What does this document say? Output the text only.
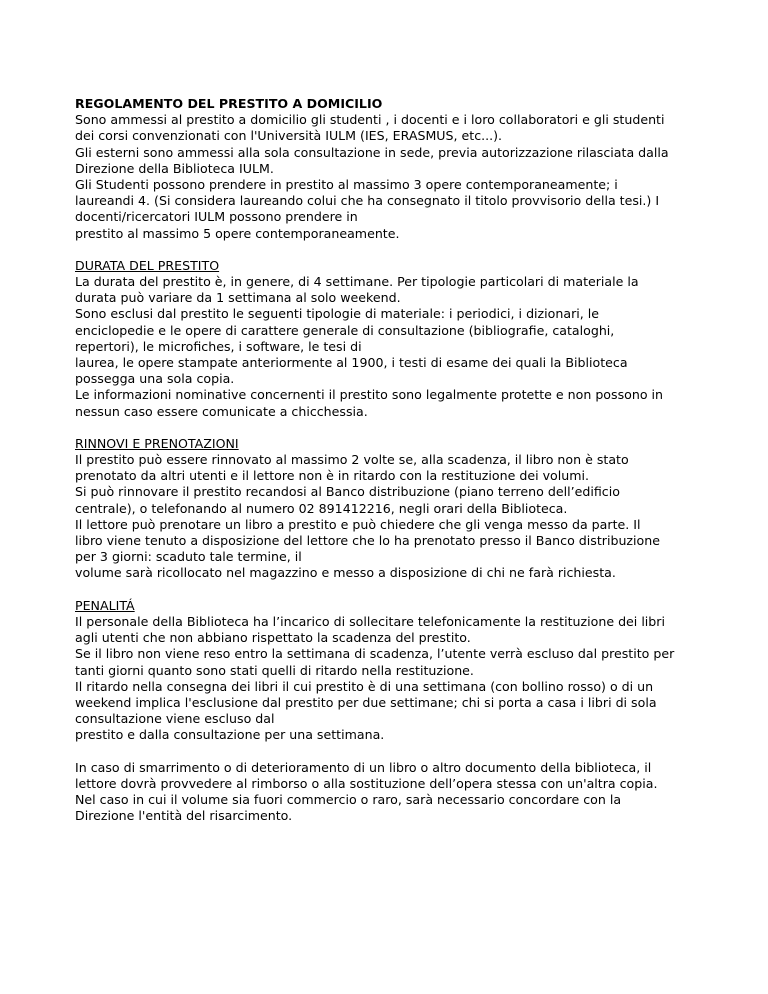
REGOLAMENTO DEL PRESTITO A DOMICILIO
Sono ammessi al prestito a domicilio gli studenti , i docenti e i loro collaboratori e gli studenti
dei corsi convenzionati con l'Università IULM (IES, ERASMUS, etc...).
Gli esterni sono ammessi alla sola consultazione in sede, previa autorizzazione rilasciata dalla
Direzione della Biblioteca IULM.
Gli Studenti possono prendere in prestito al massimo 3 opere contemporaneamente; i
laureandi 4. (Si considera laureando colui che ha consegnato il titolo provvisorio della tesi.) I
docenti/ricercatori IULM possono prendere in
prestito al massimo 5 opere contemporaneamente.
DURATA DEL PRESTITO
La durata del prestito è, in genere, di 4 settimane. Per tipologie particolari di materiale la
durata può variare da 1 settimana al solo weekend.
Sono esclusi dal prestito le seguenti tipologie di materiale: i periodici, i dizionari, le
enciclopedie e le opere di carattere generale di consultazione (bibliografie, cataloghi,
repertori), le microfiches, i software, le tesi di
laurea, le opere stampate anteriormente al 1900, i testi di esame dei quali la Biblioteca
possegga una sola copia.
Le informazioni nominative concernenti il prestito sono legalmente protette e non possono in
nessun caso essere comunicate a chicchessia.
RINNOVI E PRENOTAZIONI
Il prestito può essere rinnovato al massimo 2 volte se, alla scadenza, il libro non è stato
prenotato da altri utenti e il lettore non è in ritardo con la restituzione dei volumi.
Si può rinnovare il prestito recandosi al Banco distribuzione (piano terreno dell’edificio
centrale), o telefonando al numero 02 891412216, negli orari della Biblioteca.
Il lettore può prenotare un libro a prestito e può chiedere che gli venga messo da parte. Il
libro viene tenuto a disposizione del lettore che lo ha prenotato presso il Banco distribuzione
per 3 giorni: scaduto tale termine, il
volume sarà ricollocato nel magazzino e messo a disposizione di chi ne farà richiesta.
PENALITÁ
Il personale della Biblioteca ha l’incarico di sollecitare telefonicamente la restituzione dei libri
agli utenti che non abbiano rispettato la scadenza del prestito.
Se il libro non viene reso entro la settimana di scadenza, l’utente verrà escluso dal prestito per
tanti giorni quanto sono stati quelli di ritardo nella restituzione.
Il ritardo nella consegna dei libri il cui prestito è di una settimana (con bollino rosso) o di un
weekend implica l'esclusione dal prestito per due settimane; chi si porta a casa i libri di sola
consultazione viene escluso dal
prestito e dalla consultazione per una settimana.
In caso di smarrimento o di deterioramento di un libro o altro documento della biblioteca, il
lettore dovrà provvedere al rimborso o alla sostituzione dell’opera stessa con un'altra copia.
Nel caso in cui il volume sia fuori commercio o raro, sarà necessario concordare con la
Direzione l'entità del risarcimento.
